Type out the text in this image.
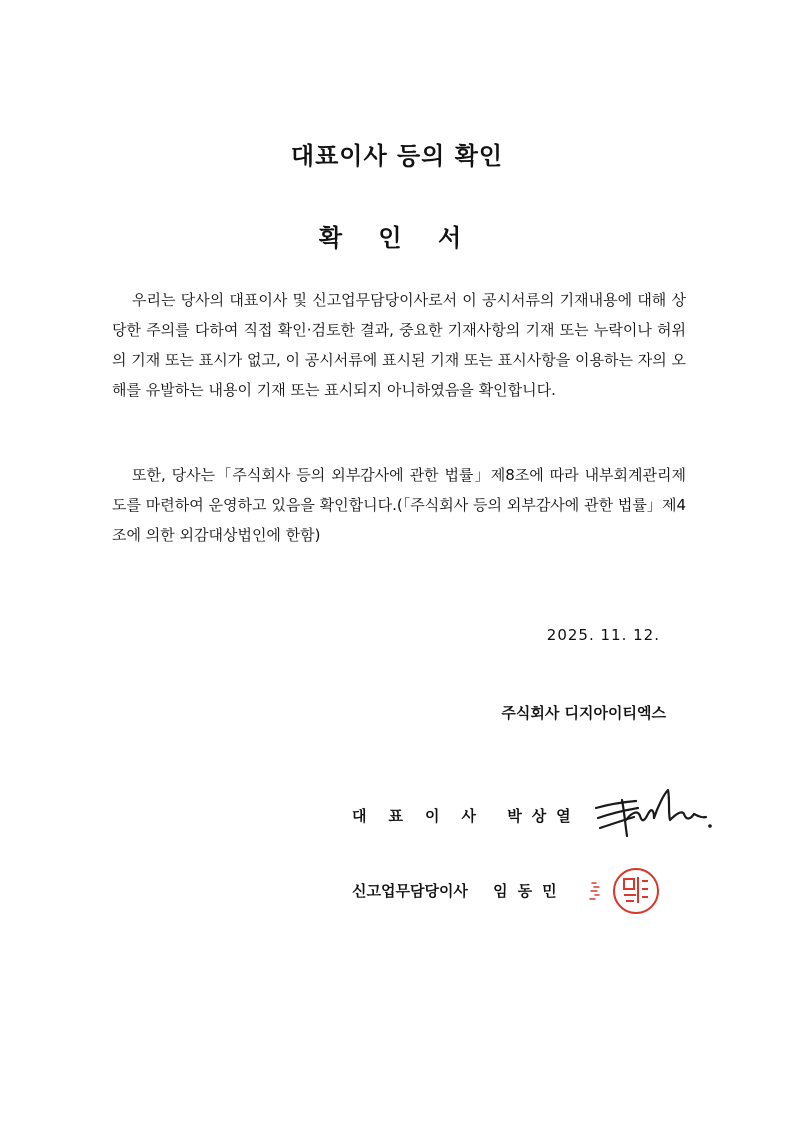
대표이사 등의 확인
확 인 서

우리는 당사의 대표이사 및 신고업무담당이사로서 이 공시서류의 기재내용에 대해 상당한 주의를 다하여 직접 확인·검토한 결과, 중요한 기재사항의 기재 또는 누락이나 허위의 기재 또는 표시가 없고, 이 공시서류에 표시된 기재 또는 표시사항을 이용하는 자의 오해를 유발하는 내용이 기재 또는 표시되지 아니하였음을 확인합니다.

또한, 당사는「주식회사 등의 외부감사에 관한 법률」제8조에 따라 내부회계관리제도를 마련하여 운영하고 있음을 확인합니다.(「주식회사 등의 외부감사에 관한 법률」제4조에 의한 외감대상법인에 한함)

2025. 11. 12.
주식회사 디지아이티엑스
대표이사 박상열
신고업무담당이사 임동민
